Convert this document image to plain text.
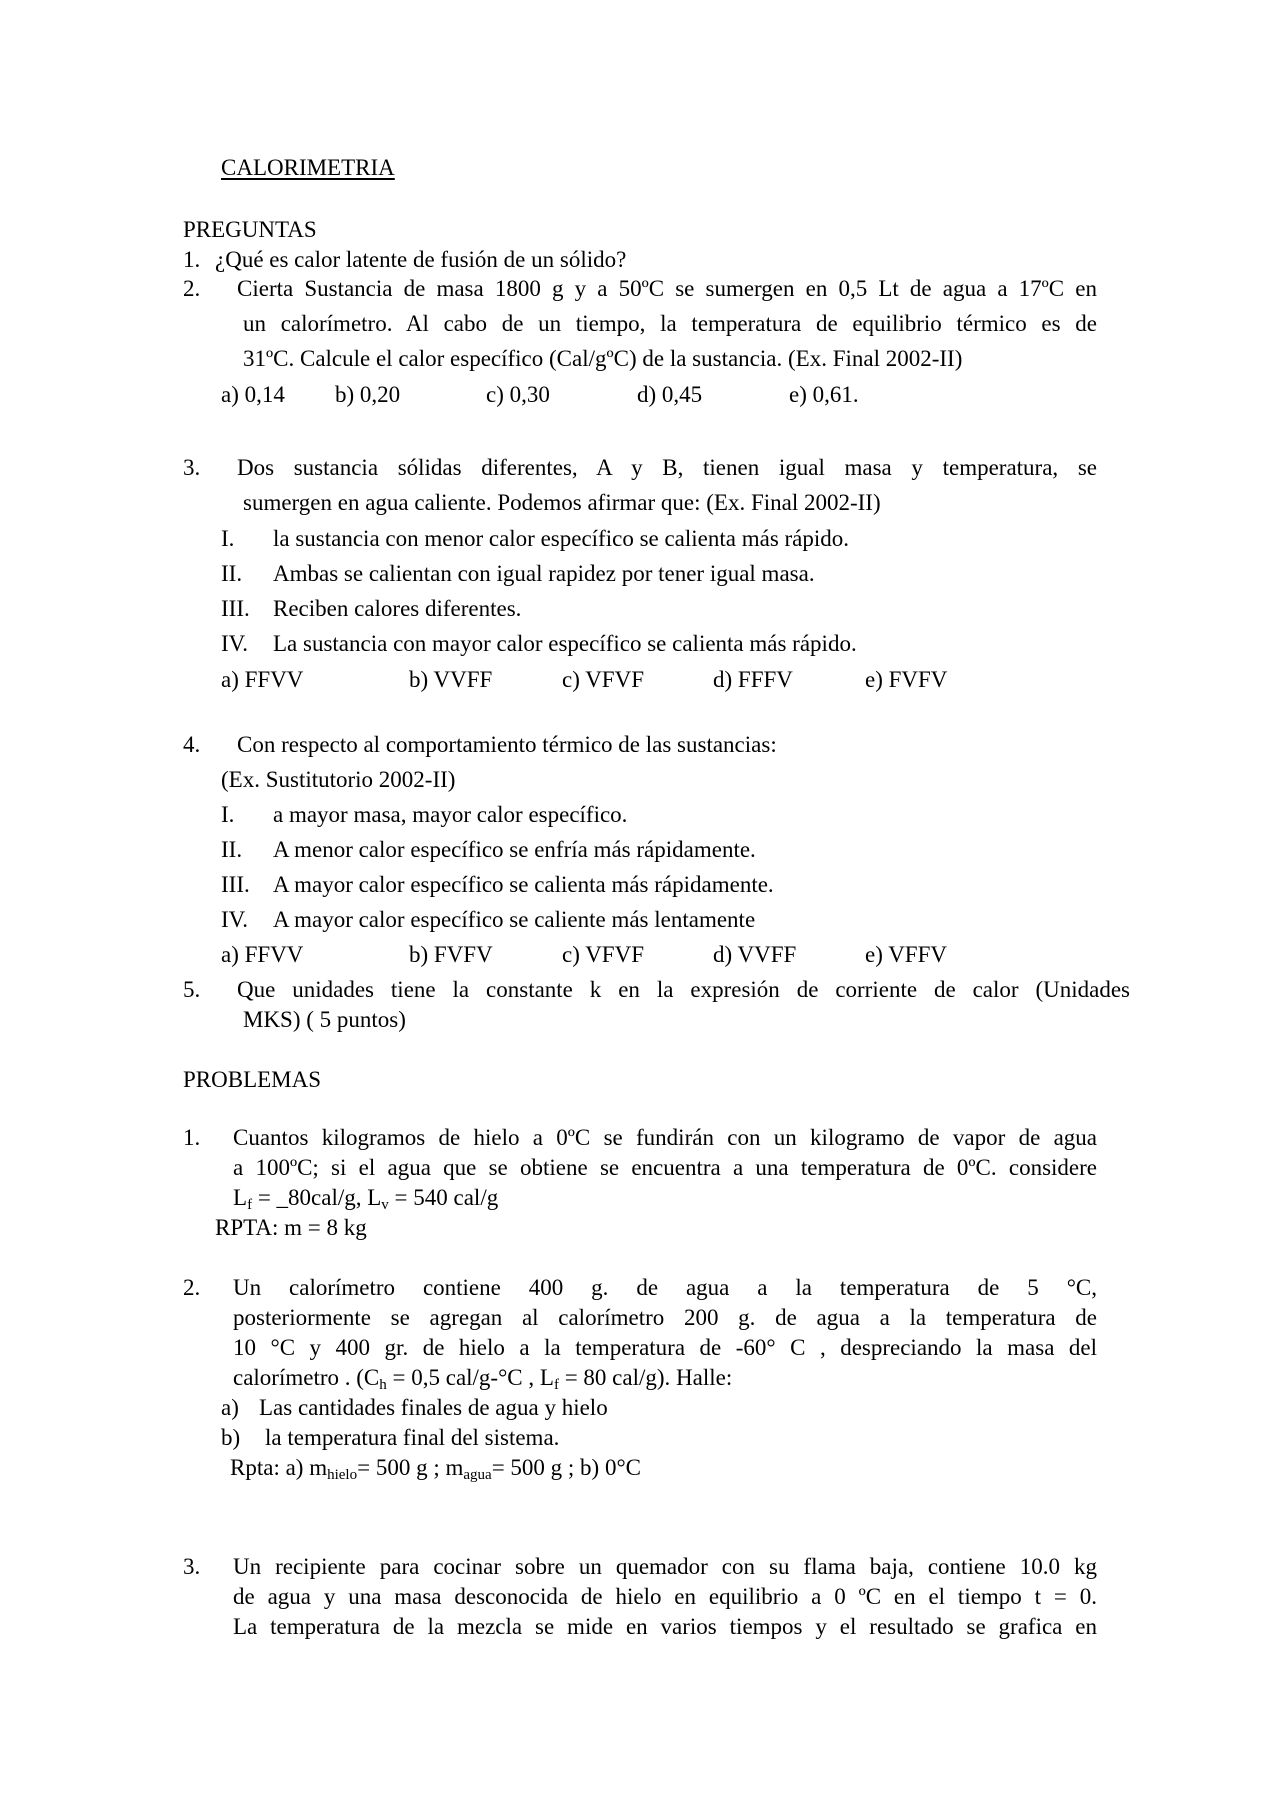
CALORIMETRIA
PREGUNTAS
1. ¿Qué es calor latente de fusión de un sólido?
2. Cierta Sustancia de masa 1800 g y a 50ºC se sumergen en 0,5 Lt de agua a 17ºC en
un calorímetro. Al cabo de un tiempo, la temperatura de equilibrio térmico es de
31ºC. Calcule el calor específico (Cal/gºC) de la sustancia. (Ex. Final 2002-II)
a) 0,14 b) 0,20	c) 0,30	d) 0,45	e) 0,61.
3. Dos sustancia sólidas diferentes, A y B, tienen igual masa y temperatura, se
sumergen en agua caliente. Podemos afirmar que: (Ex. Final 2002-II)
I. la sustancia con menor calor específico se calienta más rápido.
II. Ambas se calientan con igual rapidez por tener igual masa.
III. Reciben calores diferentes.
IV. La sustancia con mayor calor específico se calienta más rápido.
a) FFVV	b) VVFF	c) VFVF	d) FFFV	e) FVFV
4. Con respecto al comportamiento térmico de las sustancias:
(Ex. Sustitutorio 2002-II)
I. a mayor masa, mayor calor específico.
II. A menor calor específico se enfría más rápidamente.
III. A mayor calor específico se calienta más rápidamente.
IV. A mayor calor específico se caliente más lentamente
a) FFVV	b) FVFV	c) VFVF	d) VVFF	e) VFFV
5. Que unidades tiene la constante k en la expresión de corriente de calor (Unidades
MKS) ( 5 puntos)
PROBLEMAS
1. Cuantos kilogramos de hielo a 0ºC se fundirán con un kilogramo de vapor de agua
a 100ºC; si el agua que se obtiene se encuentra a una temperatura de 0ºC. considere
$L_f$ = _80cal/g, $L_v = 540$ cal/g
RPTA: m = 8 kg
2. Un calorímetro contiene 400 g. de agua a la temperatura de 5 °C,
posteriormente se agregan al calorímetro 200 g. de agua a la temperatura de
10 °C y 400 gr. de hielo a la temperatura de -60° C , despreciando la masa del
calorímetro . ($C_h = 0,5$ cal/g-°C , $L_f = 80$ cal/g). Halle:
a) Las cantidades finales de agua y hielo
b) la temperatura final del sistema.
Rpta: a) $m_{hielo}= 500$ g ; $m_{agua}= 500$ g ; b) 0°C
3. Un recipiente para cocinar sobre un quemador con su flama baja, contiene 10.0 kg
de agua y una masa desconocida de hielo en equilibrio a 0 ºC en el tiempo t = 0.
La temperatura de la mezcla se mide en varios tiempos y el resultado se grafica en
